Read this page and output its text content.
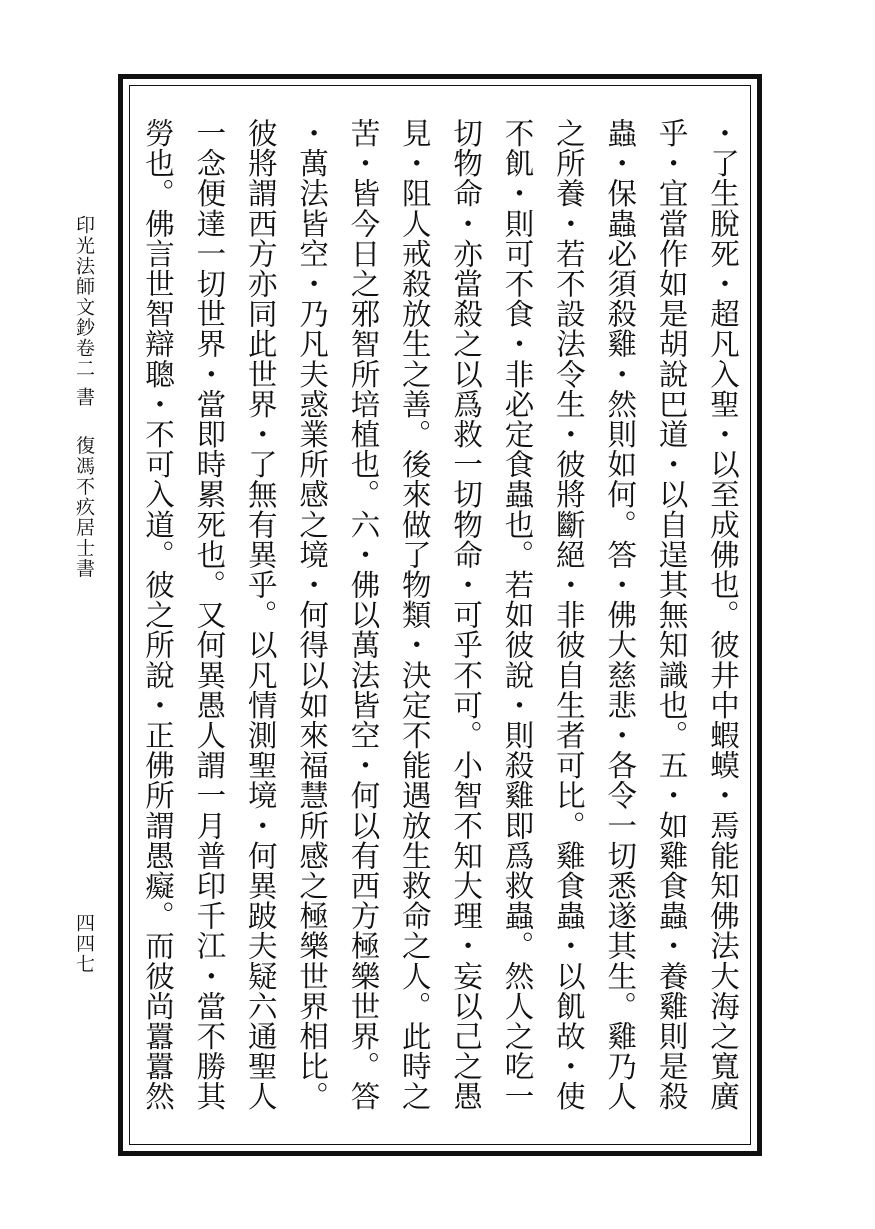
・了生脫死・超凡入聖・以至成佛也。彼井中蝦蟆・焉能知佛法大海之寬廣
乎・宜當作如是胡說巴道・以自逞其無知識也。五・如雞食蟲・養雞則是殺
蟲・保蟲必須殺雞・然則如何。答・佛大慈悲・各令一切悉遂其生。雞乃人
之所養・若不設法令生・彼將斷絕・非彼自生者可比。雞食蟲・以飢故・使
不飢・則可不食・非必定食蟲也。若如彼說・則殺雞即爲救蟲。然人之吃一
切物命・亦當殺之以爲救一切物命・可乎不可。小智不知大理・妄以己之愚
見・阻人戒殺放生之善。後來做了物類・決定不能遇放生救命之人。此時之
苦・皆今日之邪智所培植也。六・佛以萬法皆空・何以有西方極樂世界。答
・萬法皆空・乃凡夫惑業所感之境・何得以如來福慧所感之極樂世界相比。
彼將謂西方亦同此世界・了無有異乎。以凡情測聖境・何異跛夫疑六通聖人
一念便達一切世界・當即時累死也。又何異愚人謂一月普印千江・當不勝其
勞也。佛言世智辯聰・不可入道。彼之所說・正佛所謂愚癡。而彼尚囂囂然
印光法師文鈔卷二 書　 復馮不疚居士書
四四七
